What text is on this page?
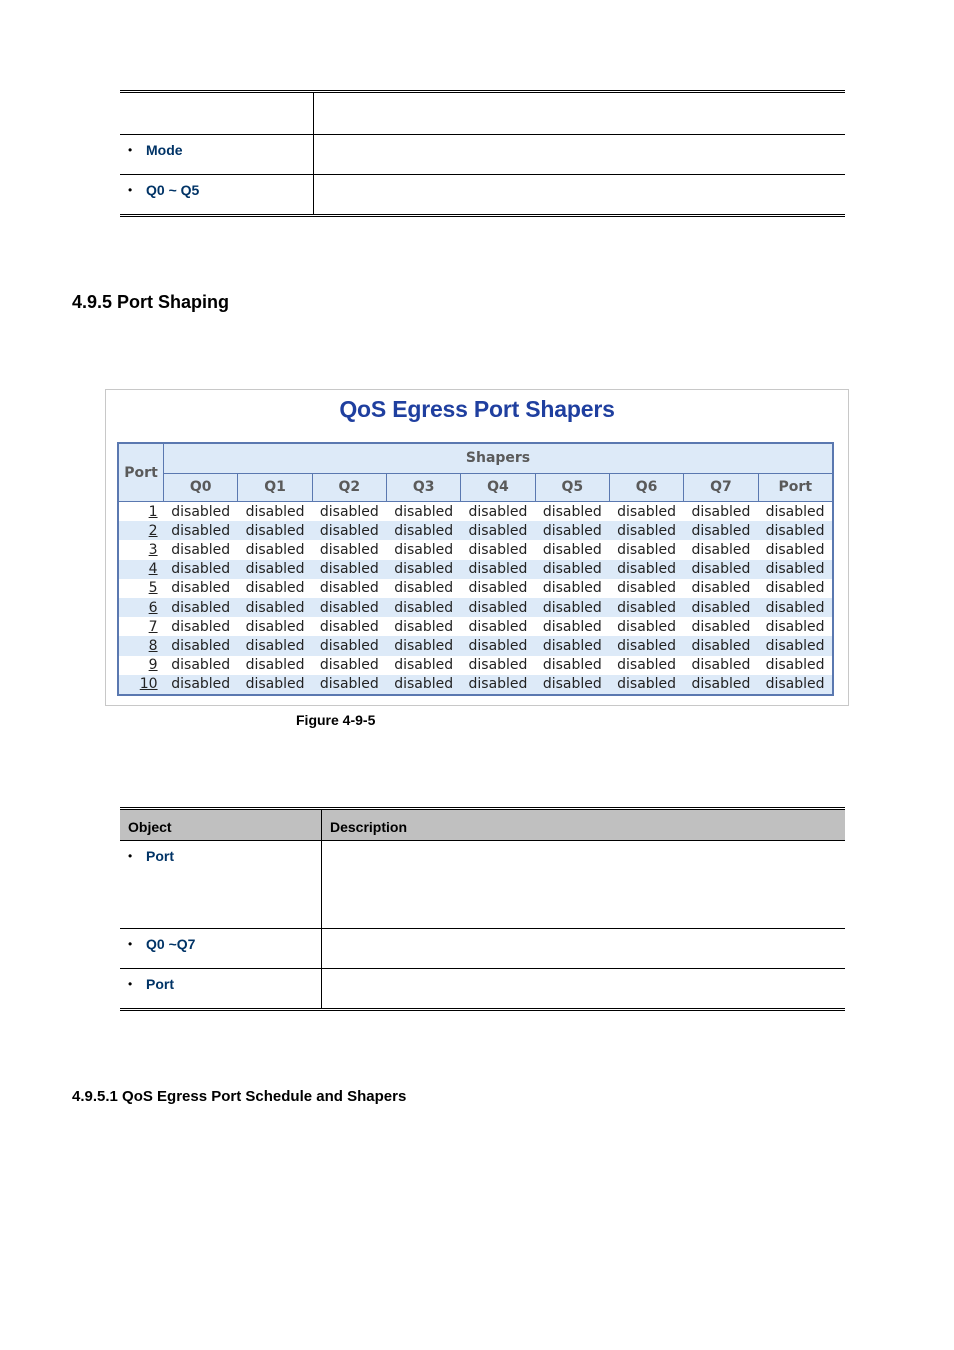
• Mode	

• Q0 ~ Q5	

4.9.5 Port Shaping
QoS Egress Port Shapers
Port	Shapers								
	Q0	Q1	Q2	Q3	Q4	Q5	Q6	Q7	Port
1	disabled	disabled	disabled	disabled	disabled	disabled	disabled	disabled	disabled
2	disabled	disabled	disabled	disabled	disabled	disabled	disabled	disabled	disabled
3	disabled	disabled	disabled	disabled	disabled	disabled	disabled	disabled	disabled
4	disabled	disabled	disabled	disabled	disabled	disabled	disabled	disabled	disabled
5	disabled	disabled	disabled	disabled	disabled	disabled	disabled	disabled	disabled
6	disabled	disabled	disabled	disabled	disabled	disabled	disabled	disabled	disabled
7	disabled	disabled	disabled	disabled	disabled	disabled	disabled	disabled	disabled
8	disabled	disabled	disabled	disabled	disabled	disabled	disabled	disabled	disabled
9	disabled	disabled	disabled	disabled	disabled	disabled	disabled	disabled	disabled
10	disabled	disabled	disabled	disabled	disabled	disabled	disabled	disabled	disabled
Figure 4-9-5
Object	Description

• Port	

• Q0 ~Q7	

• Port	

4.9.5.1 QoS Egress Port Schedule and Shapers
